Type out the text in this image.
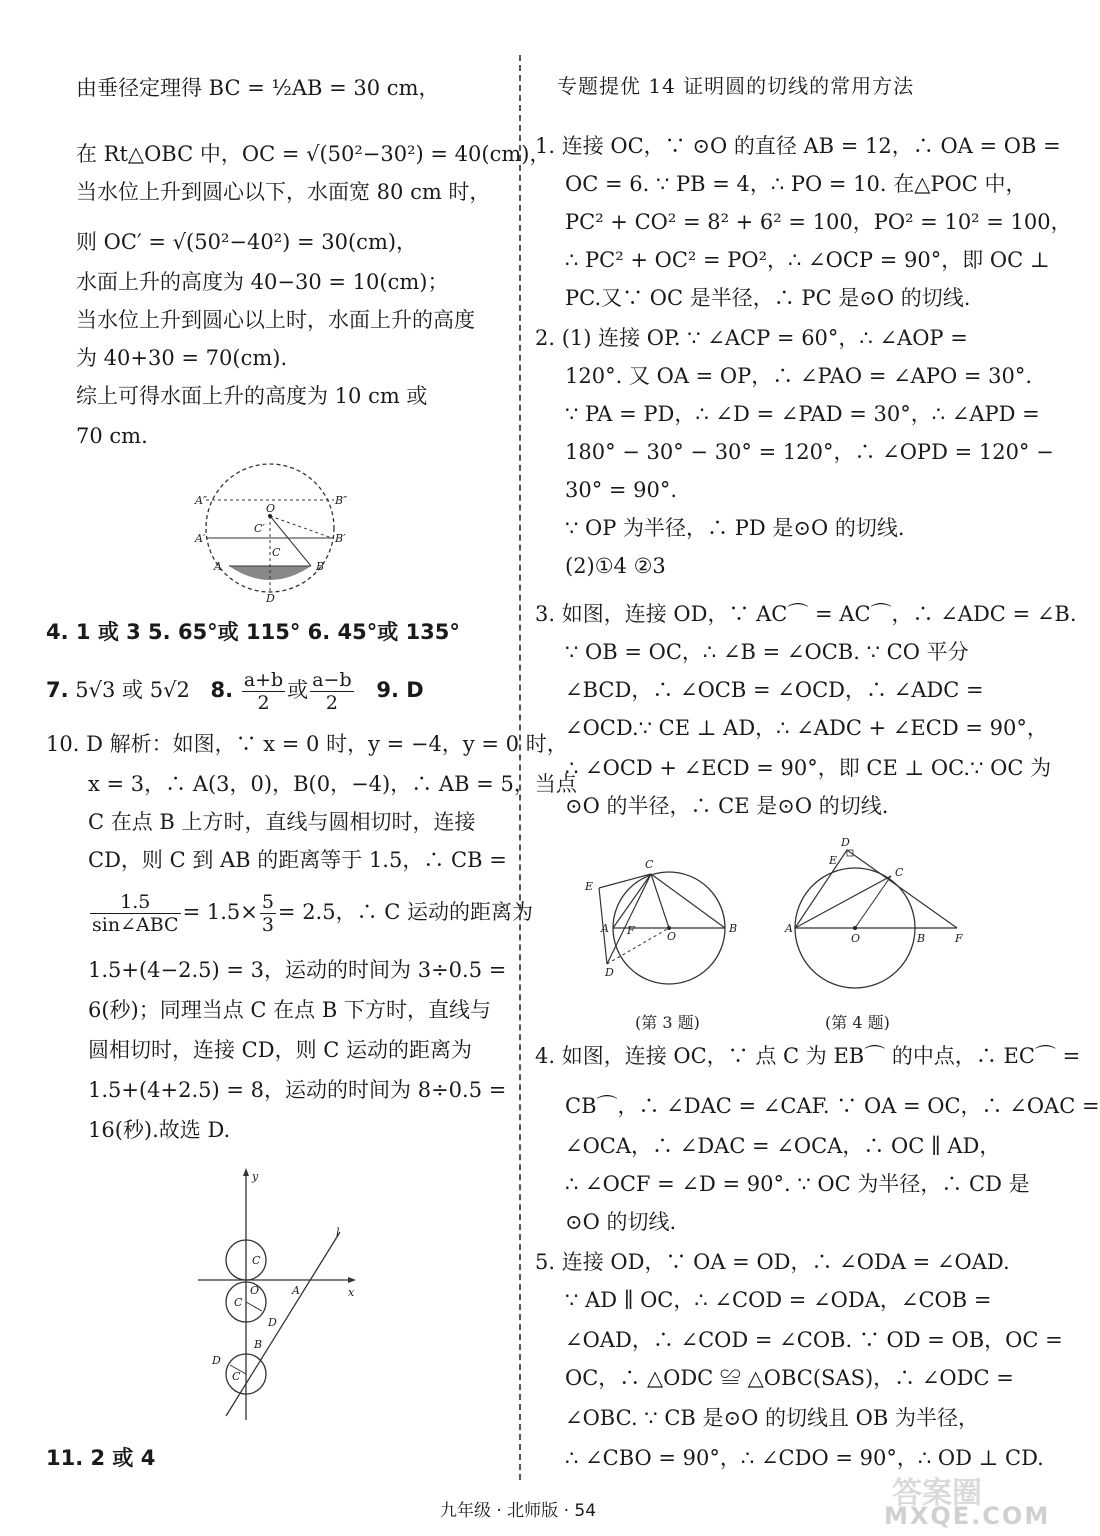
由垂径定理得 BC = ½AB = 30 cm，
在 Rt△OBC 中，OC = √(50²−30²) = 40(cm)，
当水位上升到圆心以下，水面宽 80 cm 时，
则 OC′ = √(50²−40²) = 30(cm)，
水面上升的高度为 40−30 = 10(cm)；
当水位上升到圆心以上时，水面上升的高度
为 40+30 = 70(cm).
综上可得水面上升的高度为 10 cm 或
70 cm.
A″	B″
O
C′
A′	B′
C
A	B
D
4. 1 或 3 5. 65°或 115° 6. 45°或 135°
7. 5√3 或 5√2 8. $\frac{a+b}{2}$ 或 $\frac{a-b}{2} 9$. D
10. D 解析：如图，∵ x = 0 时，y = −4，y = 0 时，
x = 3，∴ A(3，0)，B(0，−4)，∴ AB = 5，当点
C 在点 B 上方时，直线与圆相切时，连接
CD，则 C 到 AB 的距离等于 1.5，∴ CB =
$\frac{1.5}{\text{sin∠ABC}} = 1.5\times \frac{5}{3} = 2.5$，∴ C 运动的距离为
1.5+(4−2.5) = 3，运动的时间为 3÷0.5 =
6(秒)；同理当点 C 在点 B 下方时，直线与
圆相切时，连接 CD，则 C 运动的距离为
1.5+(4+2.5) = 8，运动的时间为 8÷0.5 =
16(秒).故选 D.
y
x
l
C
O	A
D
B
C
D
C
11. 2 或 4
专题提优 14 证明圆的切线的常用方法
1. 连接 OC，∵ ⊙O 的直径 AB = 12，∴ OA = OB =
OC = 6. ∵ PB = 4，∴ PO = 10. 在△POC 中，
PC² + CO² = 8² + 6² = 100，PO² = 10² = 100，
∴ PC² + OC² = PO²，∴ ∠OCP = 90°，即 OC ⊥
PC.又∵ OC 是半径，∴ PC 是⊙O 的切线.
2. (1) 连接 OP. ∵ ∠ACP = 60°，∴ ∠AOP =
120°. 又 OA = OP，∴ ∠PAO = ∠APO = 30°.
∵ PA = PD，∴ ∠D = ∠PAD = 30°，∴ ∠APD =
180° − 30° − 30° = 120°，∴ ∠OPD = 120° −
30° = 90°.
∵ OP 为半径，∴ PD 是⊙O 的切线.
(2)①4 ②3
3. 如图，连接 OD，∵ AC⌒ = AC⌒，∴ ∠ADC = ∠B.
∵ OB = OC，∴ ∠B = ∠OCB. ∵ CO 平分
∠BCD，∴ ∠OCB = ∠OCD，∴ ∠ADC =
∠OCD.∵ CE ⊥ AD，∴ ∠ADC + ∠ECD = 90°，
∴ ∠OCD + ∠ECD = 90°，即 CE ⊥ OC.∵ OC 为
⊙O 的半径，∴ CE 是⊙O 的切线.
C
E
A F	O
B
D
(第 3 题)
D
E
C
A
O	B	F
(第 4 题)
4. 如图，连接 OC，∵ 点 C 为 EB⌒ 的中点，∴ EC⌒ =
CB⌒，∴ ∠DAC = ∠CAF. ∵ OA = OC，∴ ∠OAC =
∠OCA，∴ ∠DAC = ∠OCA，∴ OC ∥ AD，
∴ ∠OCF = ∠D = 90°. ∵ OC 为半径，∴ CD 是
⊙O 的切线.
5. 连接 OD，∵ OA = OD，∴ ∠ODA = ∠OAD.
∵ AD ∥ OC，∴ ∠COD = ∠ODA，∠COB =
∠OAD，∴ ∠COD = ∠COB. ∵ OD = OB，OC =
OC，∴ △ODC ≌ △OBC(SAS)，∴ ∠ODC =
∠OBC. ∵ CB 是⊙O 的切线且 OB 为半径，
∴ ∠CBO = 90°，∴ ∠CDO = 90°，∴ OD ⊥ CD.
九年级 · 北师版 · 54	答案圈
MXQE.COM
